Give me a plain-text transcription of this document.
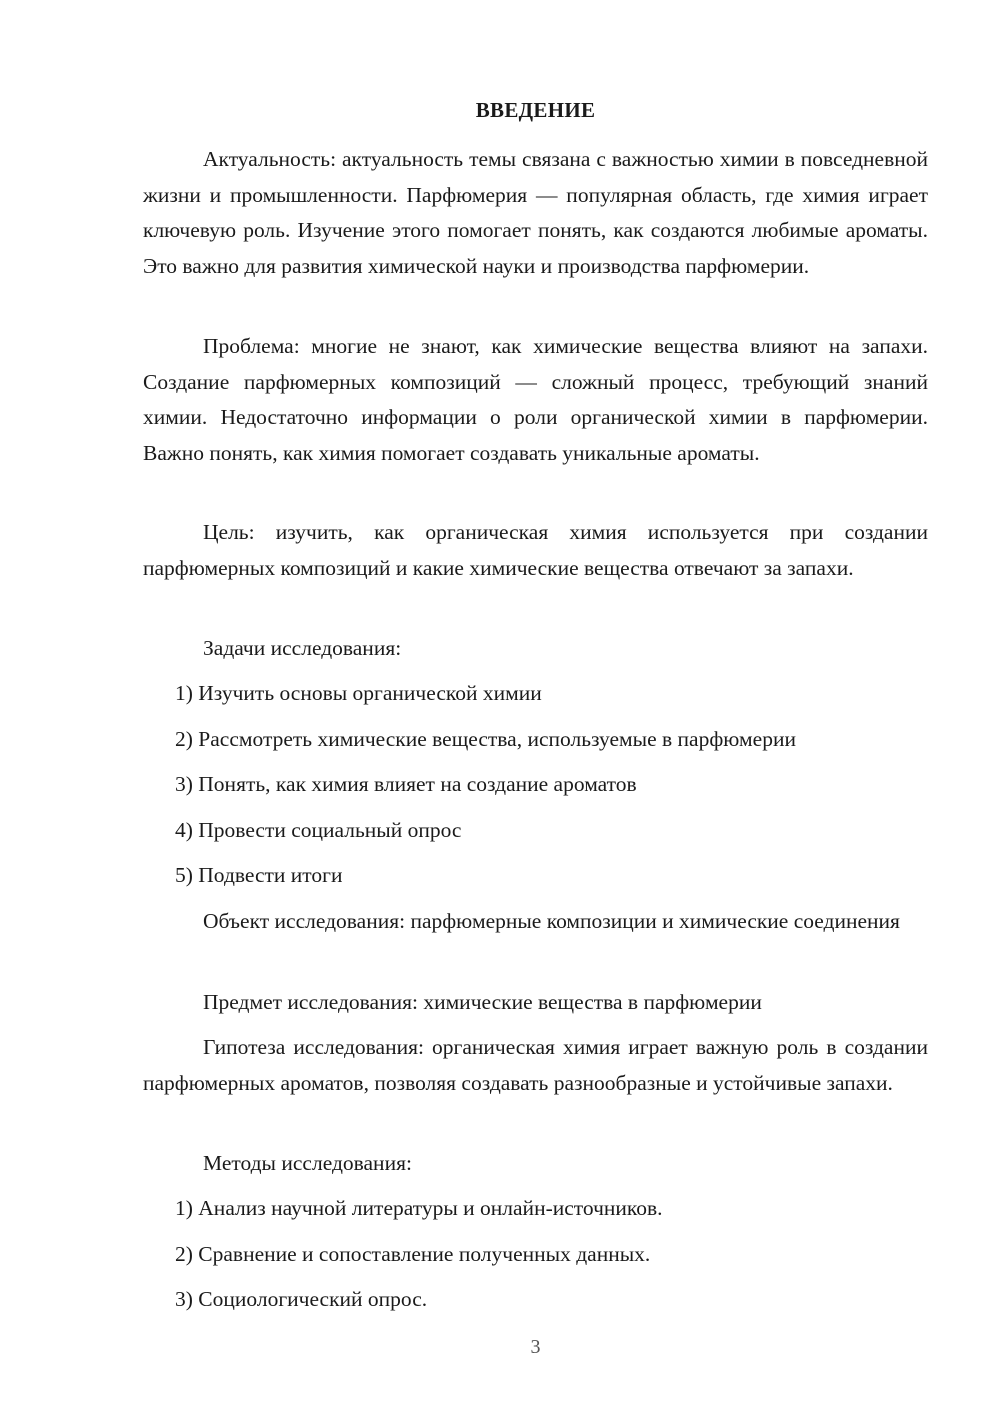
ВВЕДЕНИЕ

Актуальность: актуальность темы связана с важностью химии в повседневной жизни и промышленности. Парфюмерия — популярная область, где химия играет ключевую роль. Изучение этого помогает понять, как создаются любимые ароматы. Это важно для развития химической науки и производства парфюмерии.

Проблема: многие не знают, как химические вещества влияют на запахи. Создание парфюмерных композиций — сложный процесс, требующий знаний химии. Недостаточно информации о роли органической химии в парфюмерии. Важно понять, как химия помогает создавать уникальные ароматы.

Цель: изучить, как органическая химия используется при создании парфюмерных композиций и какие химические вещества отвечают за запахи.

Задачи исследования:

1) Изучить основы органической химии

2) Рассмотреть химические вещества, используемые в парфюмерии

3) Понять, как химия влияет на создание ароматов

4) Провести социальный опрос

5) Подвести итоги

Объект исследования: парфюмерные композиции и химические соединения

Предмет исследования: химические вещества в парфюмерии

Гипотеза исследования: органическая химия играет важную роль в создании парфюмерных ароматов, позволяя создавать разнообразные и устойчивые запахи.

Методы исследования:

1) Анализ научной литературы и онлайн-источников.

2) Сравнение и сопоставление полученных данных.

3) Социологический опрос.

3
